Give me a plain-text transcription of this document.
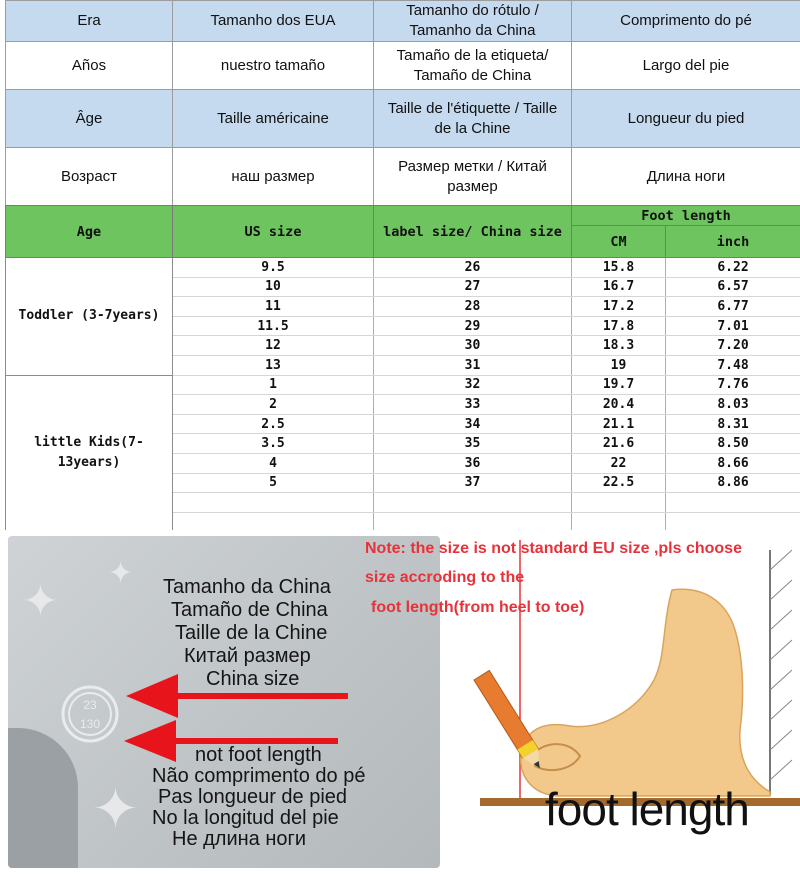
Era	Tamanho dos EUA	Tamanho do rótulo / Tamanho da China	Comprimento do pé
Años	nuestro tamaño	Tamaño de la etiqueta/ Tamaño de China	Largo del pie
Âge	Taille américaine	Taille de l'étiquette / Taille de la Chine	Longueur du pied
Возраст	наш размер	Размер метки / Китай размер	Длина ноги
Age	US size	label size/ China size	Foot length	
			CM	inch
Toddler (3-7years)	9.5	26	15.8	6.22
	10	27	16.7	6.57
	11	28	17.2	6.77
	11.5	29	17.8	7.01
	12	30	18.3	7.20
	13	31	19	7.48
little Kids(7-13years)	1	32	19.7	7.76
	2	33	20.4	8.03
	2.5	34	21.1	8.31
	3.5	35	21.6	8.50
	4	36	22	8.66
	5	37	22.5	8.86

✦
✦
✦
23
130
Tamanho da China
Tamaño de China
Taille de la Chine
Китай размер
China size
not foot length
Não comprimento do pé
Pas longueur de pied
No la longitud del pie
Не длина ноги
Note: the size is not standard EU size ,pls choose
size accroding to the
foot length(from heel to toe)
foot length
